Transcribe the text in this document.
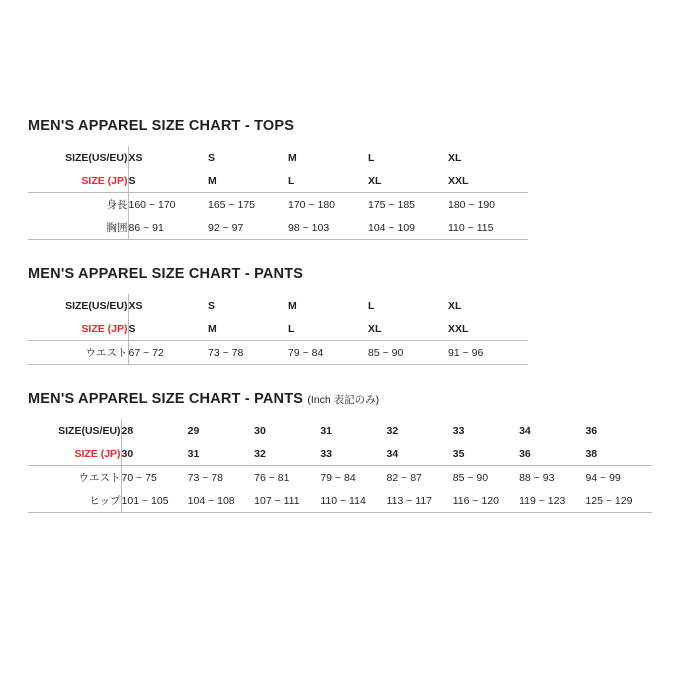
MEN'S APPAREL SIZE CHART - TOPS
SIZE(US/EU)	XS	S	M	L	XL
SIZE (JP)	S	M	L	XL	XXL
身長	160 ~ 170	165 ~ 175	170 ~ 180	175 ~ 185	180 ~ 190
胸囲	86 ~ 91	92 ~ 97	98 ~ 103	104 ~ 109	110 ~ 115
MEN'S APPAREL SIZE CHART - PANTS
SIZE(US/EU)	XS	S	M	L	XL
SIZE (JP)	S	M	L	XL	XXL
ウエスト	67 ~ 72	73 ~ 78	79 ~ 84	85 ~ 90	91 ~ 96
MEN'S APPAREL SIZE CHART - PANTS (Inch 表記のみ)
SIZE(US/EU)	28	29	30	31	32	33	34	36
SIZE (JP)	30	31	32	33	34	35	36	38
ウエスト	70 ~ 75	73 ~ 78	76 ~ 81	79 ~ 84	82 ~ 87	85 ~ 90	88 ~ 93	94 ~ 99
ヒップ	101 ~ 105	104 ~ 108	107 ~ 111	110 ~ 114	113 ~ 117	116 ~ 120	119 ~ 123	125 ~ 129
